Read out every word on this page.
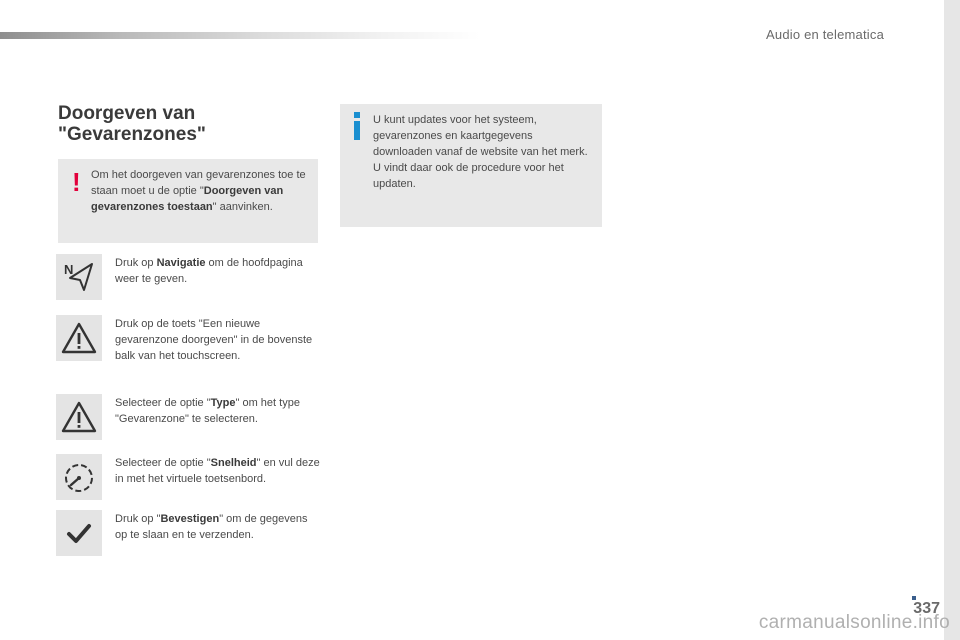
Audio en telematica
Doorgeven van
"Gevarenzones"
! Om het doorgeven van gevarenzones toe te staan moet u de optie "Doorgeven van gevarenzones toestaan" aanvinken.
U kunt updates voor het systeem, gevarenzones en kaartgegevens downloaden vanaf de website van het merk.
U vindt daar ook de procedure voor het updaten.
N	Druk op Navigatie om de hoofdpagina weer te geven.
Druk op de toets "Een nieuwe gevarenzone doorgeven" in de bovenste balk van het touchscreen.
Selecteer de optie "Type" om het type "Gevarenzone" te selecteren.
Selecteer de optie "Snelheid" en vul deze in met het virtuele toetsenbord.
Druk op "Bevestigen" om de gegevens op te slaan en te verzenden.
337
carmanualsonline.info
